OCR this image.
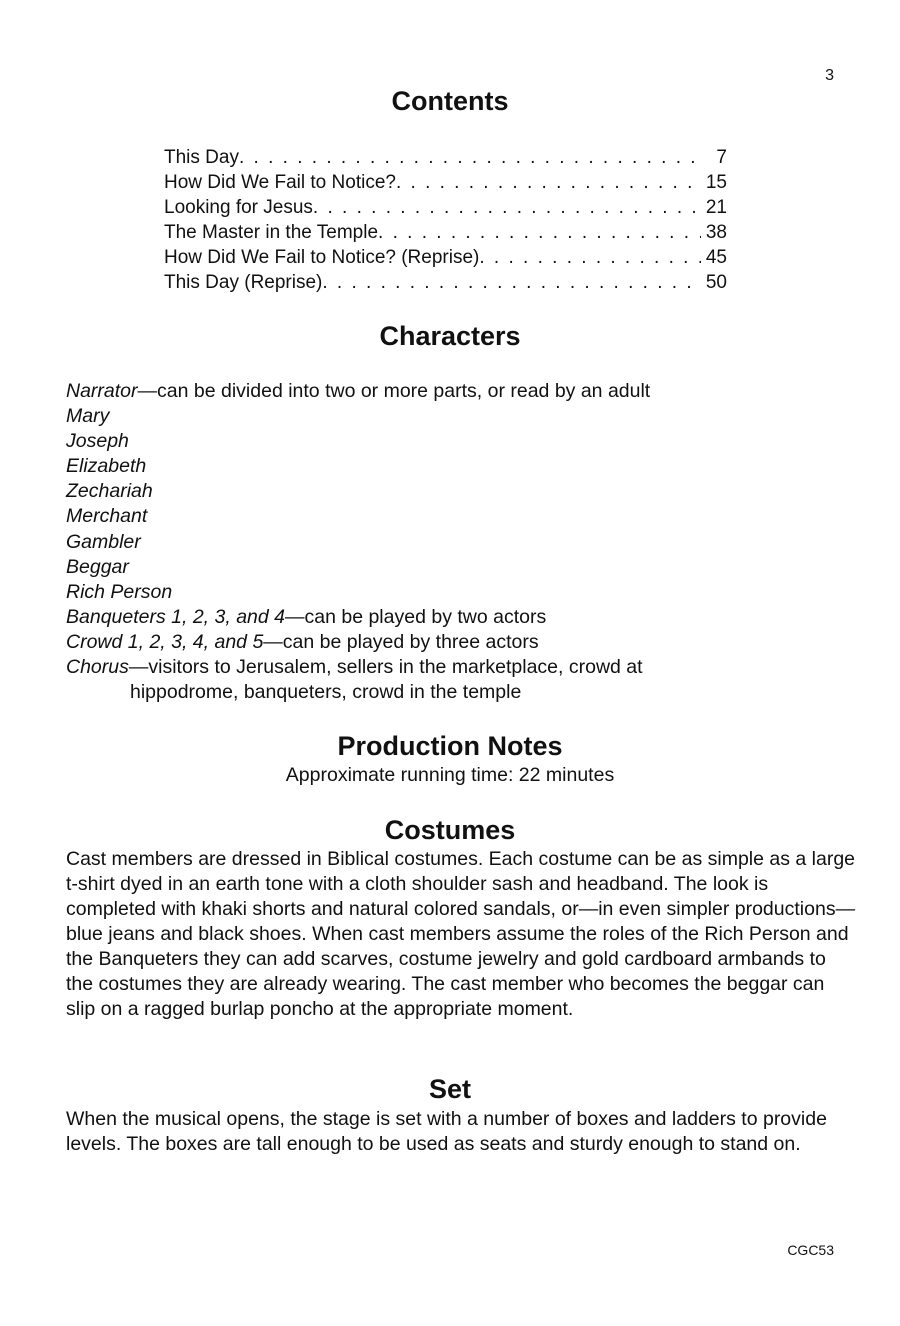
3
Contents
This Day . . .	7
How Did We Fail to Notice? . . .	15
Looking for Jesus . . .	21
The Master in the Temple . . .	38
How Did We Fail to Notice? (Reprise) . . .	45
This Day (Reprise) . . .	50
Characters
Narrator—can be divided into two or more parts, or read by an adult
Mary
Joseph
Elizabeth
Zechariah
Merchant
Gambler
Beggar
Rich Person
Banqueters 1, 2, 3, and 4—can be played by two actors
Crowd 1, 2, 3, 4, and 5—can be played by three actors
Chorus—visitors to Jerusalem, sellers in the marketplace, crowd at
hippodrome, banqueters, crowd in the temple
Production Notes
Approximate running time: 22 minutes
Costumes
Cast members are dressed in Biblical costumes. Each costume can be as simple as a large t-shirt dyed in an earth tone with a cloth shoulder sash and headband. The look is completed with khaki shorts and natural colored sandals, or—in even simpler productions—blue jeans and black shoes. When cast members assume the roles of the Rich Person and the Banqueters they can add scarves, costume jewelry and gold cardboard armbands to the costumes they are already wearing. The cast member who becomes the beggar can slip on a ragged burlap poncho at the appropriate moment.
Set
When the musical opens, the stage is set with a number of boxes and ladders to provide levels. The boxes are tall enough to be used as seats and sturdy enough to stand on.
CGC53
